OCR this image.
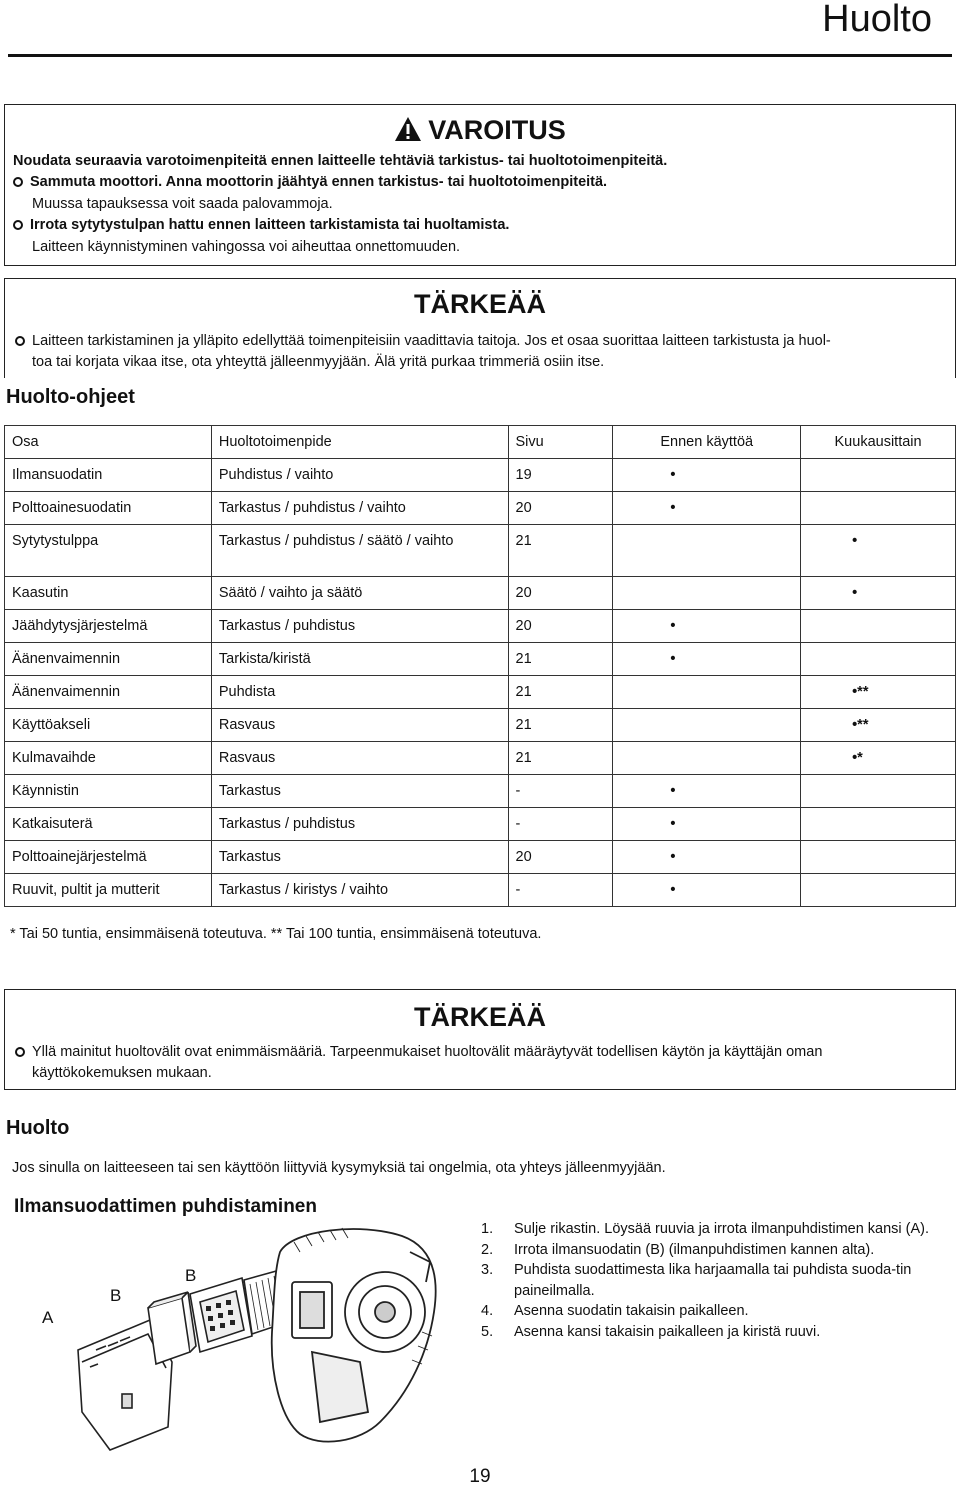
Huolto
VAROITUS
Noudata seuraavia varotoimenpiteitä ennen laitteelle tehtäviä tarkistus- tai huoltotoimenpiteitä.
Sammuta moottori. Anna moottorin jäähtyä ennen tarkistus- tai huoltotoimenpiteitä.
Muussa tapauksessa voit saada palovammoja.
Irrota sytytystulpan hattu ennen laitteen tarkistamista tai huoltamista.
Laitteen käynnistyminen vahingossa voi aiheuttaa onnettomuuden.
TÄRKEÄÄ
Laitteen tarkistaminen ja ylläpito edellyttää toimenpiteisiin vaadittavia taitoja. Jos et osaa suorittaa laitteen tarkistusta ja huol-
toa tai korjata vikaa itse, ota yhteyttä jälleenmyyjään. Älä yritä purkaa trimmeriä osiin itse.
Huolto-ohjeet
Osa	Huoltotoimenpide	Sivu	Ennen käyttöä	Kuukausittain
Ilmansuodatin	Puhdistus / vaihto	19	•	
Polttoainesuodatin	Tarkastus / puhdistus / vaihto	20	•	
Sytytystulppa	Tarkastus / puhdistus / säätö / vaihto	21		•
Kaasutin	Säätö / vaihto ja säätö	20		•
Jäähdytysjärjestelmä	Tarkastus / puhdistus	20	•	
Äänenvaimennin	Tarkista/kiristä	21	•	
Äänenvaimennin	Puhdista	21		•**
Käyttöakseli	Rasvaus	21		•**
Kulmavaihde	Rasvaus	21		•*
Käynnistin	Tarkastus	-	•	
Katkaisuterä	Tarkastus / puhdistus	-	•	
Polttoainejärjestelmä	Tarkastus	20	•	
Ruuvit, pultit ja mutterit	Tarkastus / kiristys / vaihto	-	•	
* Tai 50 tuntia, ensimmäisenä toteutuva. ** Tai 100 tuntia, ensimmäisenä toteutuva.
TÄRKEÄÄ
Yllä mainitut huoltovälit ovat enimmäismääriä. Tarpeenmukaiset huoltovälit määräytyvät todellisen käytön ja käyttäjän oman
käyttökokemuksen mukaan.
Huolto
Jos sinulla on laitteeseen tai sen käyttöön liittyviä kysymyksiä tai ongelmia, ota yhteys jälleenmyyjään.
Ilmansuodattimen puhdistaminen
A
B
B
1.	Sulje rikastin. Löysää ruuvia ja irrota ilmanpuhdistimen kansi (A).
2.	Irrota ilmansuodatin (B) (ilmanpuhdistimen kannen alta).
3.	Puhdista suodattimesta lika harjaamalla tai puhdista suoda-tin paineilmalla.
4.	Asenna suodatin takaisin paikalleen.
5.	Asenna kansi takaisin paikalleen ja kiristä ruuvi.
19
